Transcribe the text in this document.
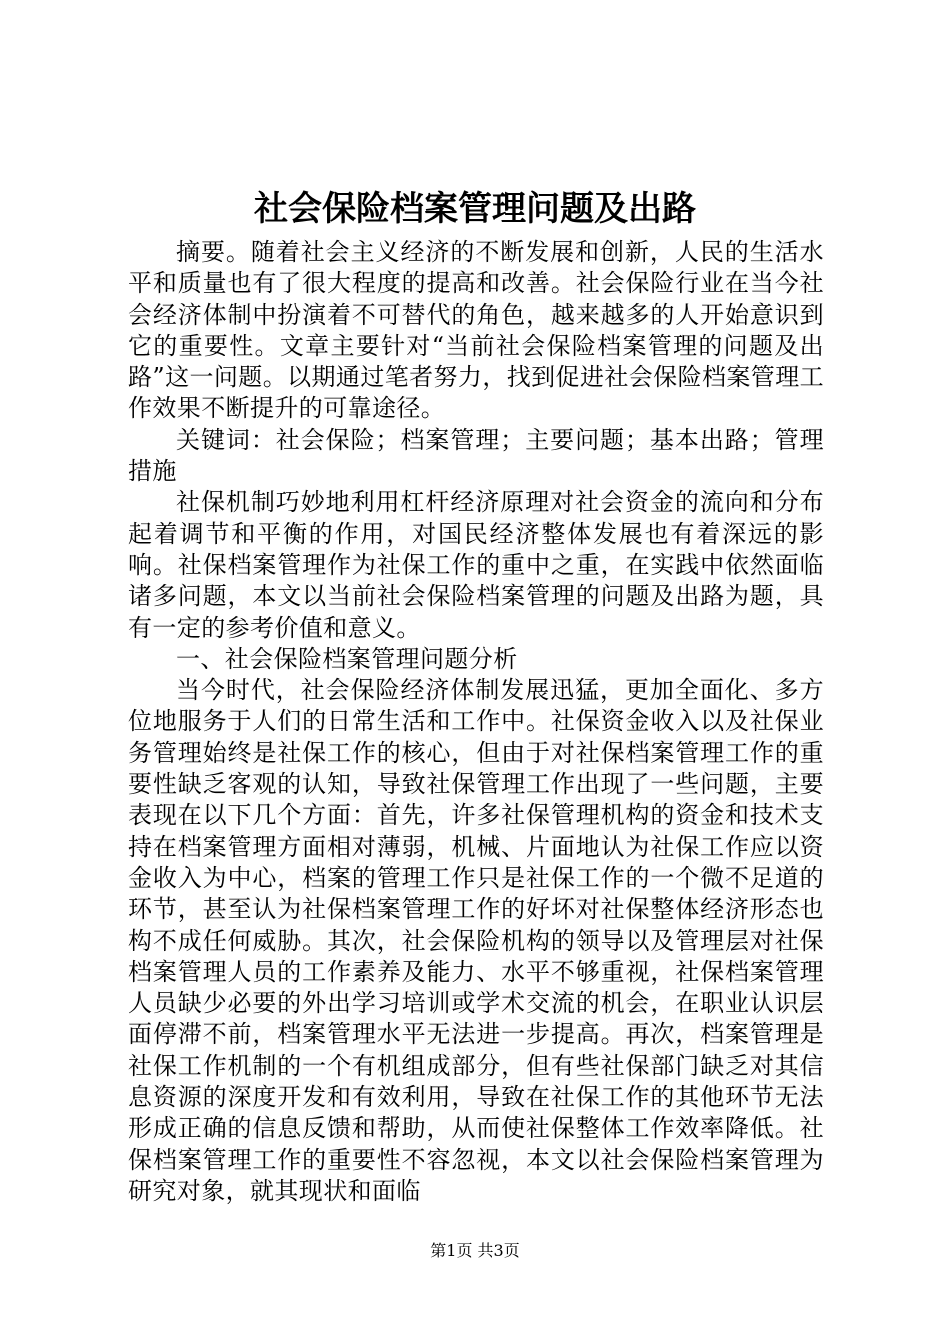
社会保险档案管理问题及出路

摘要。随着社会主义经济的不断发展和创新，人民的生活水平和质量也有了很大程度的提高和改善。社会保险行业在当今社会经济体制中扮演着不可替代的角色，越来越多的人开始意识到它的重要性。文章主要针对“当前社会保险档案管理的问题及出路”这一问题。以期通过笔者努力，找到促进社会保险档案管理工作效果不断提升的可靠途径。

关键词：社会保险；档案管理；主要问题；基本出路；管理措施

社保机制巧妙地利用杠杆经济原理对社会资金的流向和分布起着调节和平衡的作用，对国民经济整体发展也有着深远的影响。社保档案管理作为社保工作的重中之重，在实践中依然面临诸多问题，本文以当前社会保险档案管理的问题及出路为题，具有一定的参考价值和意义。

一、社会保险档案管理问题分析

当今时代，社会保险经济体制发展迅猛，更加全面化、多方位地服务于人们的日常生活和工作中。社保资金收入以及社保业务管理始终是社保工作的核心，但由于对社保档案管理工作的重要性缺乏客观的认知，导致社保管理工作出现了一些问题，主要表现在以下几个方面：首先，许多社保管理机构的资金和技术支持在档案管理方面相对薄弱，机械、片面地认为社保工作应以资金收入为中心，档案的管理工作只是社保工作的一个微不足道的环节，甚至认为社保档案管理工作的好坏对社保整体经济形态也构不成任何威胁。其次，社会保险机构的领导以及管理层对社保档案管理人员的工作素养及能力、水平不够重视，社保档案管理人员缺少必要的外出学习培训或学术交流的机会，在职业认识层面停滞不前，档案管理水平无法进一步提高。再次，档案管理是社保工作机制的一个有机组成部分，但有些社保部门缺乏对其信息资源的深度开发和有效利用，导致在社保工作的其他环节无法形成正确的信息反馈和帮助，从而使社保整体工作效率降低。社保档案管理工作的重要性不容忽视，本文以社会保险档案管理为研究对象，就其现状和面临

第1页 共3页
